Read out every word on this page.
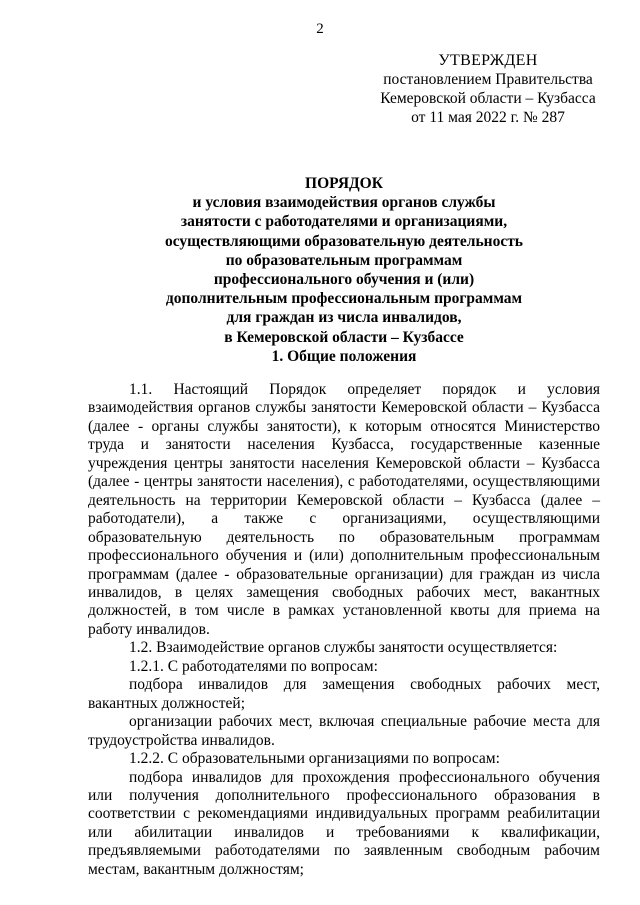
2
УТВЕРЖДЕН
постановлением Правительства
Кемеровской области – Кузбасса
от 11 мая 2022 г. № 287
ПОРЯДОК
и условия взаимодействия органов службы
занятости с работодателями и организациями,
осуществляющими образовательную деятельность
по образовательным программам
профессионального обучения и (или)
дополнительным профессиональным программам
для граждан из числа инвалидов,
в Кемеровской области – Кузбассе
1. Общие положения

1.1. Настоящий Порядок определяет порядок и условия взаимодействия органов службы занятости Кемеровской области – Кузбасса (далее - органы службы занятости), к которым относятся Министерство труда и занятости населения Кузбасса, государственные казенные учреждения центры занятости населения Кемеровской области – Кузбасса (далее - центры занятости населения), с работодателями, осуществляющими деятельность на территории Кемеровской области – Кузбасса (далее – работодатели), а также с организациями, осуществляющими образовательную деятельность по образовательным программам профессионального обучения и (или) дополнительным профессиональным программам (далее - образовательные организации) для граждан из числа инвалидов, в целях замещения свободных рабочих мест, вакантных должностей, в том числе в рамках установленной квоты для приема на работу инвалидов.

1.2. Взаимодействие органов службы занятости осуществляется:

1.2.1. С работодателями по вопросам:

подбора инвалидов для замещения свободных рабочих мест, вакантных должностей;

организации рабочих мест, включая специальные рабочие места для трудоустройства инвалидов.

1.2.2. С образовательными организациями по вопросам:

подбора инвалидов для прохождения профессионального обучения или получения дополнительного профессионального образования в соответствии с рекомендациями индивидуальных программ реабилитации или абилитации инвалидов и требованиями к квалификации, предъявляемыми работодателями по заявленным свободным рабочим местам, вакантным должностям;
